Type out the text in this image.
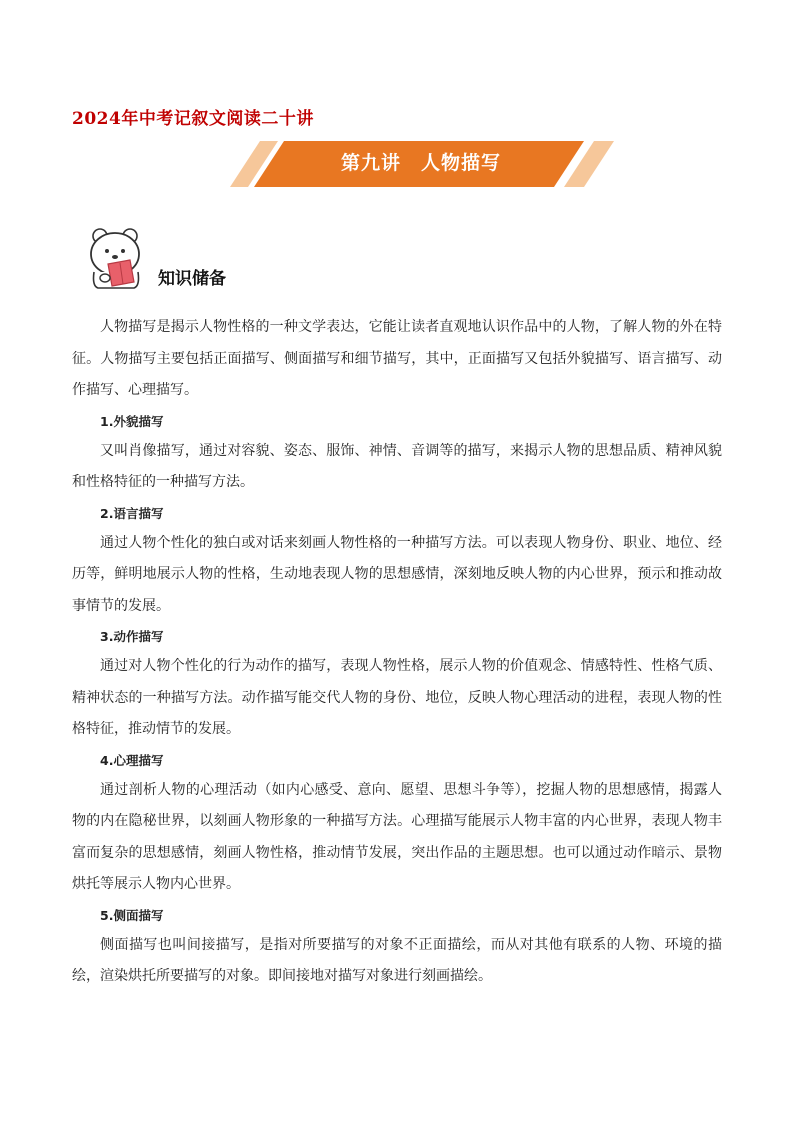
2024年中考记叙文阅读二十讲
第九讲　人物描写
知识储备

人物描写是揭示人物性格的一种文学表达，它能让读者直观地认识作品中的人物，了解人物的外在特征。人物描写主要包括正面描写、侧面描写和细节描写，其中，正面描写又包括外貌描写、语言描写、动作描写、心理描写。

1.外貌描写

又叫肖像描写，通过对容貌、姿态、服饰、神情、音调等的描写，来揭示人物的思想品质、精神风貌和性格特征的一种描写方法。

2.语言描写

通过人物个性化的独白或对话来刻画人物性格的一种描写方法。可以表现人物身份、职业、地位、经历等，鲜明地展示人物的性格，生动地表现人物的思想感情，深刻地反映人物的内心世界，预示和推动故事情节的发展。

3.动作描写

通过对人物个性化的行为动作的描写，表现人物性格，展示人物的价值观念、情感特性、性格气质、精神状态的一种描写方法。动作描写能交代人物的身份、地位，反映人物心理活动的进程，表现人物的性格特征，推动情节的发展。

4.心理描写

通过剖析人物的心理活动（如内心感受、意向、愿望、思想斗争等），挖掘人物的思想感情，揭露人物的内在隐秘世界，以刻画人物形象的一种描写方法。心理描写能展示人物丰富的内心世界，表现人物丰富而复杂的思想感情，刻画人物性格，推动情节发展，突出作品的主题思想。也可以通过动作暗示、景物烘托等展示人物内心世界。

5.侧面描写

侧面描写也叫间接描写，是指对所要描写的对象不正面描绘，而从对其他有联系的人物、环境的描绘，渲染烘托所要描写的对象。即间接地对描写对象进行刻画描绘。
